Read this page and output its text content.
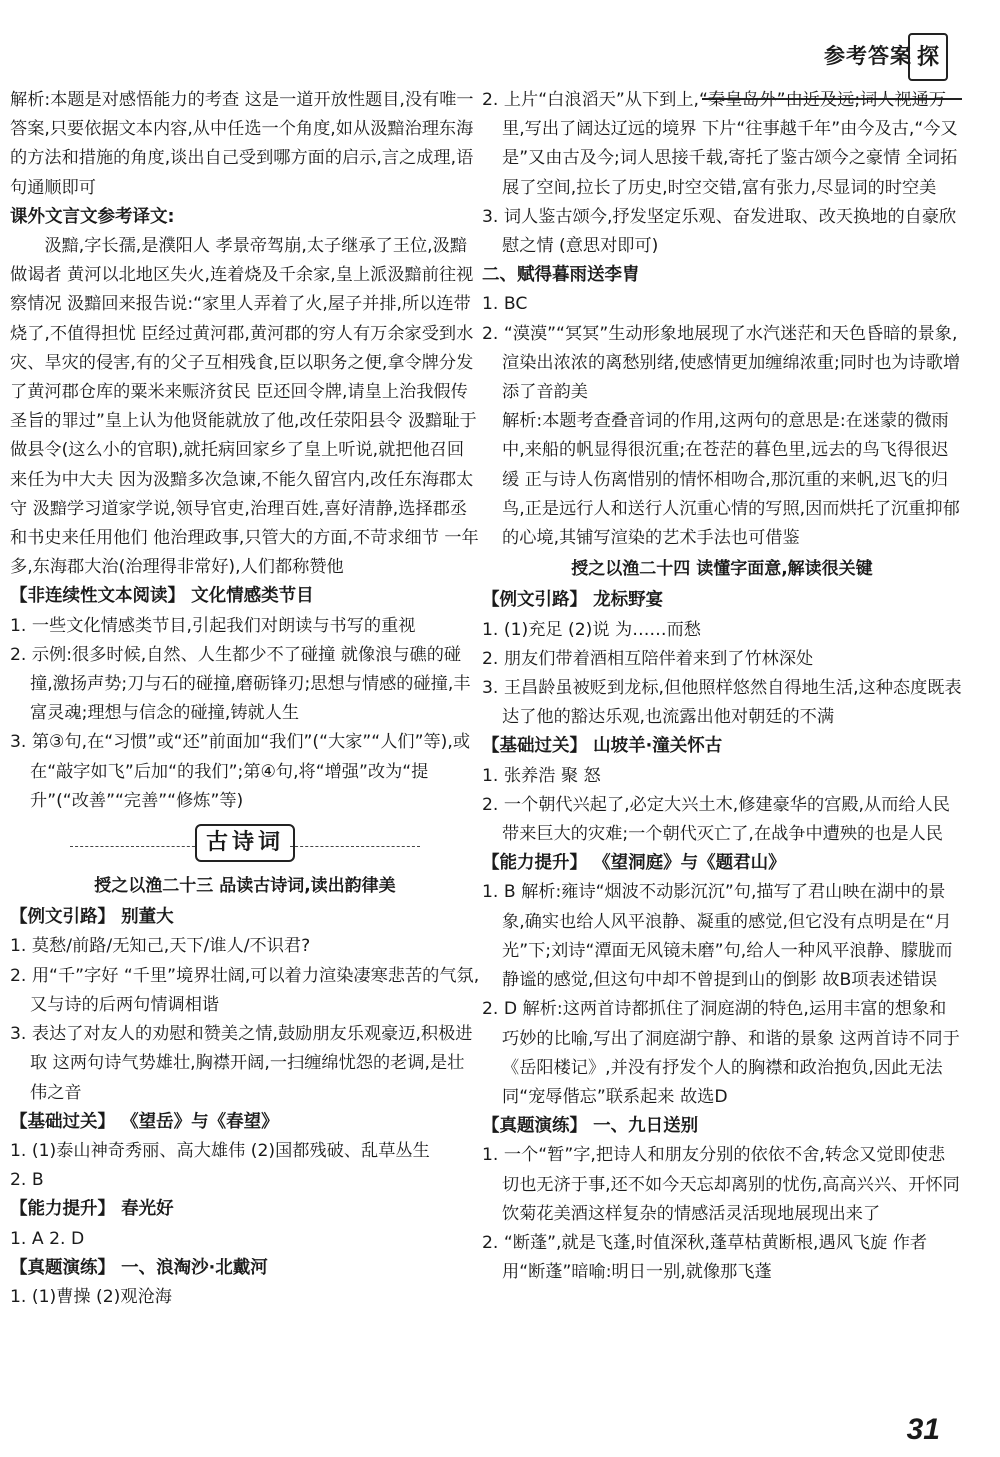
参考答案 探

解析:本题是对感悟能力的考查 这是一道开放性题目,没有唯一答案,只要依据文本内容,从中任选一个角度,如从汲黯治理东海的方法和措施的角度,谈出自己受到哪方面的启示,言之成理,语句通顺即可

课外文言文参考译文:

汲黯,字长孺,是濮阳人 孝景帝驾崩,太子继承了王位,汲黯做谒者 黄河以北地区失火,连着烧及千余家,皇上派汲黯前往视察情况 汲黯回来报告说:“家里人弄着了火,屋子并排,所以连带烧了,不值得担忧 臣经过黄河郡,黄河郡的穷人有万余家受到水灾、旱灾的侵害,有的父子互相残食,臣以职务之便,拿令牌分发了黄河郡仓库的粟米来赈济贫民 臣还回令牌,请皇上治我假传圣旨的罪过”皇上认为他贤能就放了他,改任荥阳县令 汲黯耻于做县令(这么小的官职),就托病回家乡了皇上听说,就把他召回来任为中大夫 因为汲黯多次急谏,不能久留宫内,改任东海郡太守 汲黯学习道家学说,领导官吏,治理百姓,喜好清静,选择郡丞和书史来任用他们 他治理政事,只管大的方面,不苛求细节 一年多,东海郡大治(治理得非常好),人们都称赞他

【非连续性文本阅读】 文化情感类节目

1. 一些文化情感类节目,引起我们对朗读与书写的重视

2. 示例:很多时候,自然、人生都少不了碰撞 就像浪与礁的碰撞,激扬声势;刀与石的碰撞,磨砺锋刃;思想与情感的碰撞,丰富灵魂;理想与信念的碰撞,铸就人生

3. 第③句,在“习惯”或“还”前面加“我们”(“大家”“人们”等),或在“敲字如飞”后加“的我们”;第④句,将“增强”改为“提升”(“改善”“完善”“修炼”等)

古诗词

授之以渔二十三 品读古诗词,读出韵律美

【例文引路】 别董大

1. 莫愁/前路/无知己,天下/谁人/不识君?

2. 用“千”字好 “千里”境界壮阔,可以着力渲染凄寒悲苦的气氛,又与诗的后两句情调相谐

3. 表达了对友人的劝慰和赞美之情,鼓励朋友乐观豪迈,积极进取 这两句诗气势雄壮,胸襟开阔,一扫缠绵忧怨的老调,是壮伟之音

【基础过关】 《望岳》与《春望》

1. (1)泰山神奇秀丽、高大雄伟 (2)国都残破、乱草丛生

2. B

【能力提升】 春光好

1. A 2. D

【真题演练】 一、浪淘沙·北戴河

1. (1)曹操 (2)观沧海

2. 上片“白浪滔天”从下到上,“秦皇岛外”由近及远;词人视通万里,写出了阔达辽远的境界 下片“往事越千年”由今及古,“今又是”又由古及今;词人思接千载,寄托了鉴古颂今之豪情 全词拓展了空间,拉长了历史,时空交错,富有张力,尽显词的时空美

3. 词人鉴古颂今,抒发坚定乐观、奋发进取、改天换地的自豪欣慰之情 (意思对即可)

二、赋得暮雨送李胄

1. BC

2. “漠漠”“冥冥”生动形象地展现了水汽迷茫和天色昏暗的景象,渲染出浓浓的离愁别绪,使感情更加缠绵浓重;同时也为诗歌增添了音韵美

解析:本题考查叠音词的作用,这两句的意思是:在迷蒙的微雨中,来船的帆显得很沉重;在苍茫的暮色里,远去的鸟飞得很迟缓 正与诗人伤离惜别的情怀相吻合,那沉重的来帆,迟飞的归鸟,正是远行人和送行人沉重心情的写照,因而烘托了沉重抑郁的心境,其铺写渲染的艺术手法也可借鉴

授之以渔二十四 读懂字面意,解读很关键

【例文引路】 龙标野宴

1. (1)充足 (2)说 为……而愁

2. 朋友们带着酒相互陪伴着来到了竹林深处

3. 王昌龄虽被贬到龙标,但他照样悠然自得地生活,这种态度既表达了他的豁达乐观,也流露出他对朝廷的不满

【基础过关】 山坡羊·潼关怀古

1. 张养浩 聚 怒

2. 一个朝代兴起了,必定大兴土木,修建豪华的宫殿,从而给人民带来巨大的灾难;一个朝代灭亡了,在战争中遭殃的也是人民

【能力提升】 《望洞庭》与《题君山》

1. B 解析:雍诗“烟波不动影沉沉”句,描写了君山映在湖中的景象,确实也给人风平浪静、凝重的感觉,但它没有点明是在“月光”下;刘诗“潭面无风镜未磨”句,给人一种风平浪静、朦胧而静谧的感觉,但这句中却不曾提到山的倒影 故B项表述错误

2. D 解析:这两首诗都抓住了洞庭湖的特色,运用丰富的想象和巧妙的比喻,写出了洞庭湖宁静、和谐的景象 这两首诗不同于《岳阳楼记》,并没有抒发个人的胸襟和政治抱负,因此无法同“宠辱偕忘”联系起来 故选D

【真题演练】 一、九日送别

1. 一个“暂”字,把诗人和朋友分别的依依不舍,转念又觉即使悲切也无济于事,还不如今天忘却离别的忧伤,高高兴兴、开怀同饮菊花美酒这样复杂的情感活灵活现地展现出来了

2. “断蓬”,就是飞蓬,时值深秋,蓬草枯黄断根,遇风飞旋 作者用“断蓬”暗喻:明日一别,就像那飞蓬

31
